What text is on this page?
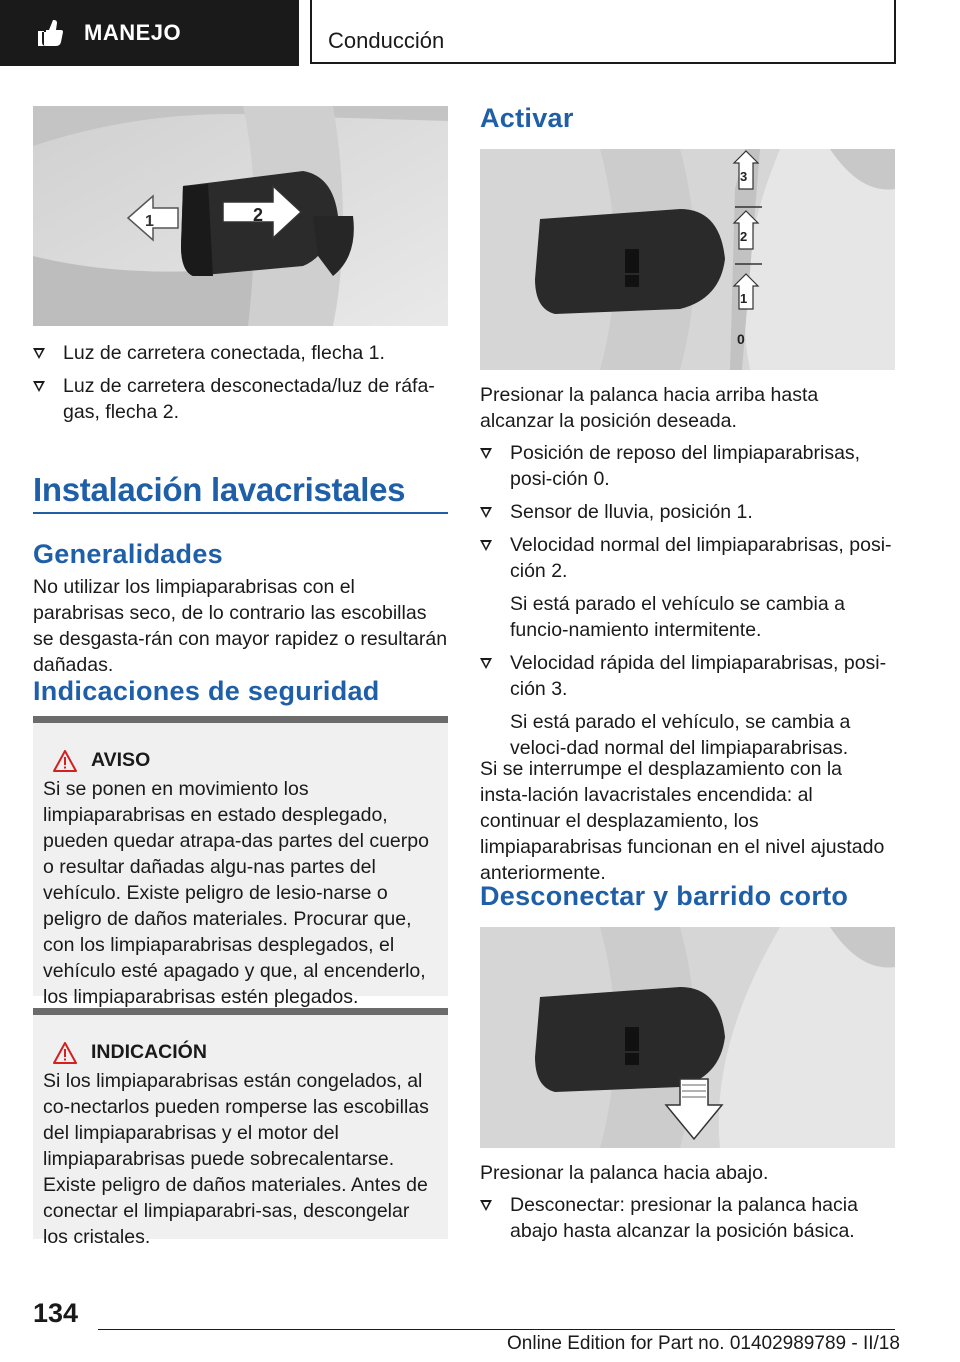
MANEJO	Conducción
1	2
Luz de carretera conectada, flecha 1.
Luz de carretera desconectada/luz de ráfa-gas, flecha 2.
Instalación lavacristales
Generalidades
No utilizar los limpiaparabrisas con el parabrisas seco, de lo contrario las escobillas se desgasta-rán con mayor rapidez o resultarán dañadas.
Indicaciones de seguridad
AVISO
Si se ponen en movimiento los limpiaparabrisas en estado desplegado, pueden quedar atrapa-das partes del cuerpo o resultar dañadas algu-nas partes del vehículo. Existe peligro de lesio-narse o peligro de daños materiales. Procurar que, con los limpiaparabrisas desplegados, el vehículo esté apagado y que, al encenderlo, los limpiaparabrisas estén plegados.
INDICACIÓN
Si los limpiaparabrisas están congelados, al co-nectarlos pueden romperse las escobillas del limpiaparabrisas y el motor del limpiaparabrisas puede sobrecalentarse. Existe peligro de daños materiales. Antes de conectar el limpiaparabri-sas, descongelar los cristales.
Activar
3
2
1
0
Presionar la palanca hacia arriba hasta alcanzar la posición deseada.
Posición de reposo del limpiaparabrisas, posi-ción 0.
Sensor de lluvia, posición 1.
Velocidad normal del limpiaparabrisas, posi-ción 2.

Si está parado el vehículo se cambia a funcio-namiento intermitente.

Velocidad rápida del limpiaparabrisas, posi-ción 3.

Si está parado el vehículo, se cambia a veloci-dad normal del limpiaparabrisas.

Si se interrumpe el desplazamiento con la insta-lación lavacristales encendida: al continuar el desplazamiento, los limpiaparabrisas funcionan en el nivel ajustado anteriormente.
Desconectar y barrido corto
Presionar la palanca hacia abajo.
Desconectar: presionar la palanca hacia abajo hasta alcanzar la posición básica.
134
Online Edition for Part no. 01402989789 - II/18
